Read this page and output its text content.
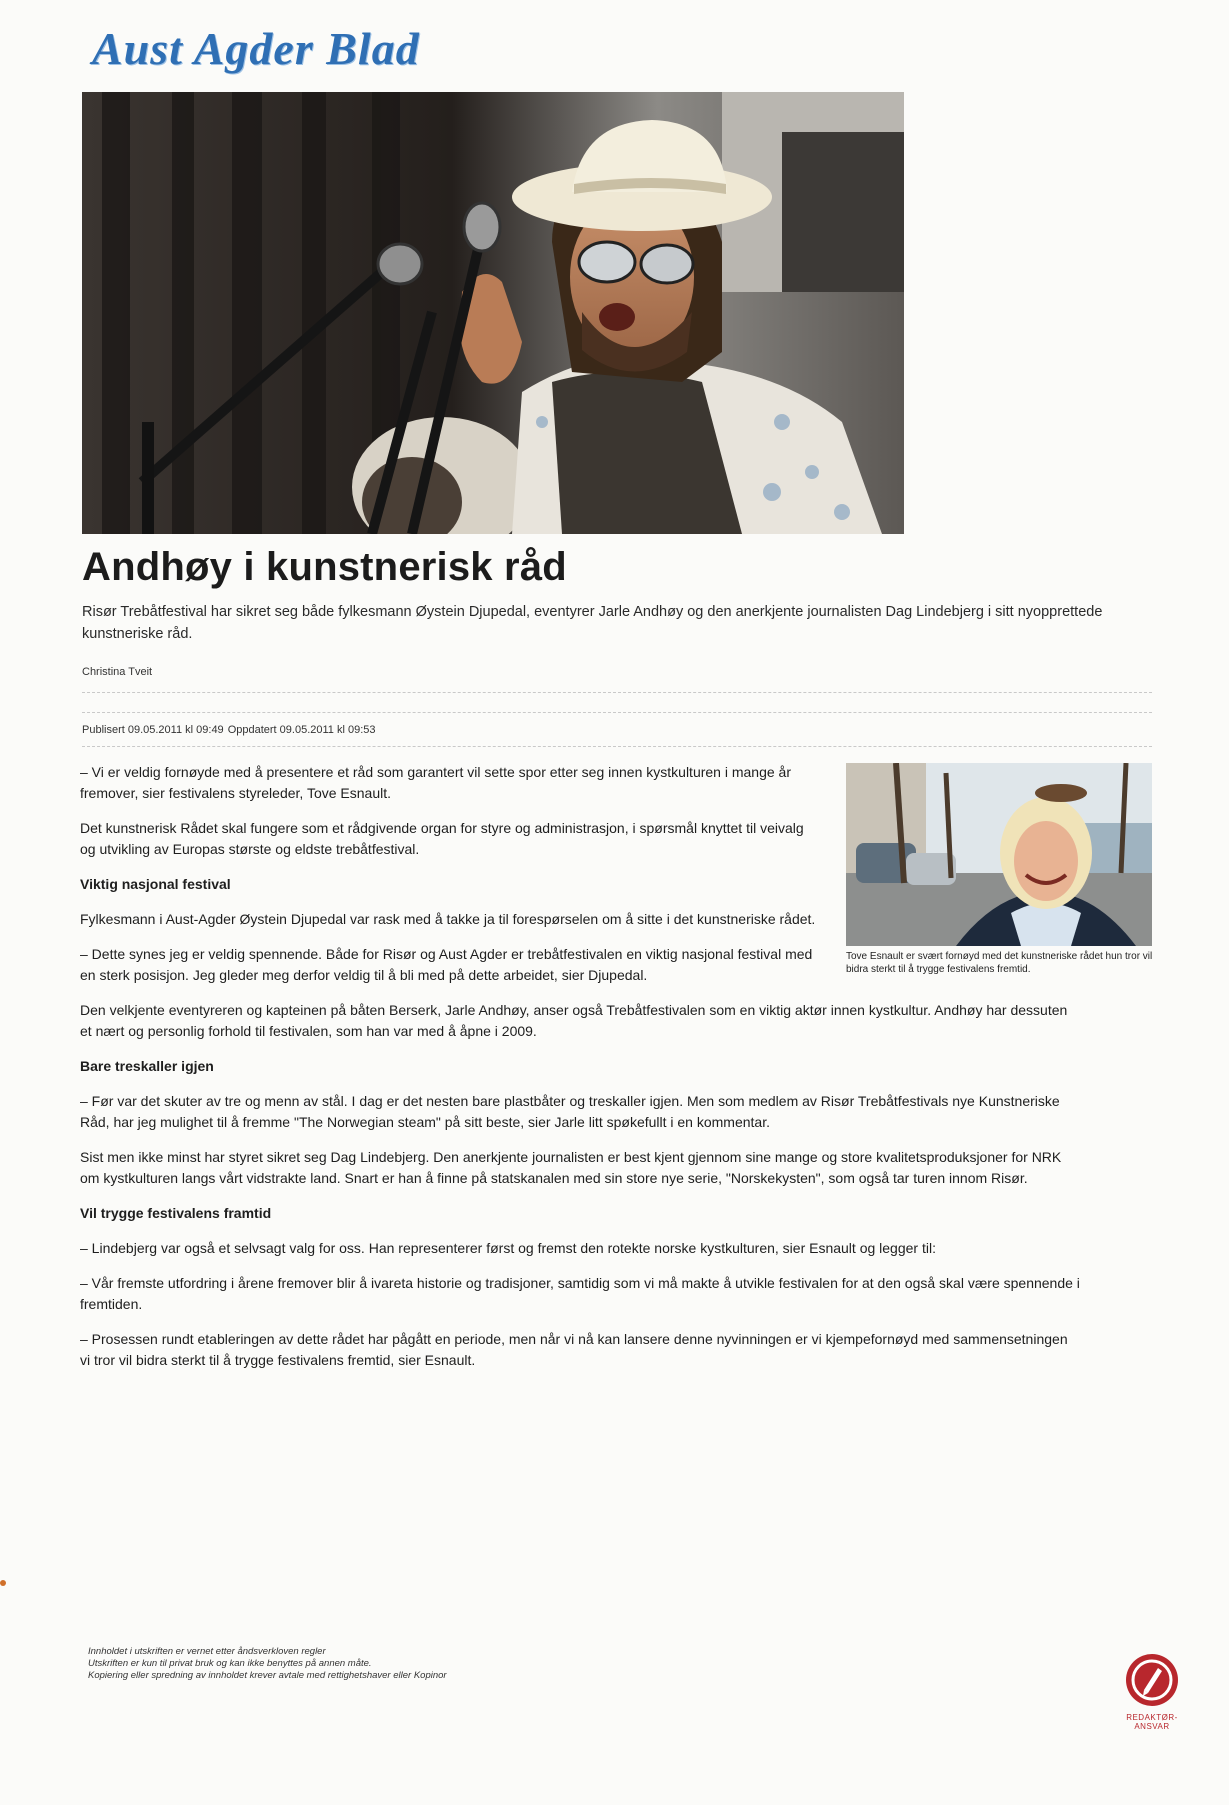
Aust Agder Blad
Andhøy i kunstnerisk råd

Risør Trebåtfestival har sikret seg både fylkesmann Øystein Djupedal, eventyrer Jarle Andhøy og den anerkjente journalisten Dag Lindebjerg i sitt nyopprettede kunstneriske råd.

Christina Tveit

Publisert 09.05.2011 kl 09:49 Oppdatert 09.05.2011 kl 09:53

– Vi er veldig fornøyde med å presentere et råd som garantert vil sette spor etter seg innen kystkulturen i mange år fremover, sier festivalens styreleder, Tove Esnault.

Det kunstnerisk Rådet skal fungere som et rådgivende organ for styre og administrasjon, i spørsmål knyttet til veivalg og utvikling av Europas største og eldste trebåtfestival.

Viktig nasjonal festival

Fylkesmann i Aust-Agder Øystein Djupedal var rask med å takke ja til forespørselen om å sitte i det kunstneriske rådet.

– Dette synes jeg er veldig spennende. Både for Risør og Aust Agder er trebåtfestivalen en viktig nasjonal festival med en sterk posisjon. Jeg gleder meg derfor veldig til å bli med på dette arbeidet, sier Djupedal.

Den velkjente eventyreren og kapteinen på båten Berserk, Jarle Andhøy, anser også Trebåtfestivalen som en viktig aktør innen kystkultur. Andhøy har dessuten et nært og personlig forhold til festivalen, som han var med å åpne i 2009.

Bare treskaller igjen

– Før var det skuter av tre og menn av stål. I dag er det nesten bare plastbåter og treskaller igjen. Men som medlem av Risør Trebåtfestivals nye Kunstneriske Råd, har jeg mulighet til å fremme "The Norwegian steam" på sitt beste, sier Jarle litt spøkefullt i en kommentar.

Sist men ikke minst har styret sikret seg Dag Lindebjerg. Den anerkjente journalisten er best kjent gjennom sine mange og store kvalitetsproduksjoner for NRK om kystkulturen langs vårt vidstrakte land. Snart er han å finne på statskanalen med sin store nye serie, "Norskekysten", som også tar turen innom Risør.

Vil trygge festivalens framtid

– Lindebjerg var også et selvsagt valg for oss. Han representerer først og fremst den rotekte norske kystkulturen, sier Esnault og legger til:

– Vår fremste utfordring i årene fremover blir å ivareta historie og tradisjoner, samtidig som vi må makte å utvikle festivalen for at den også skal være spennende i fremtiden.

– Prosessen rundt etableringen av dette rådet har pågått en periode, men når vi nå kan lansere denne nyvinningen er vi kjempefornøyd med sammensetningen vi tror vil bidra sterkt til å trygge festivalens fremtid, sier Esnault.

Tove Esnault er svært fornøyd med det kunstneriske rådet hun tror vil bidra sterkt til å trygge festivalens fremtid.

Innholdet i utskriften er vernet etter åndsverkloven regler
Utskriften er kun til privat bruk og kan ikke benyttes på annen måte.
Kopiering eller spredning av innholdet krever avtale med rettighetshaver eller Kopinor

REDAKTØR-
ANSVAR
